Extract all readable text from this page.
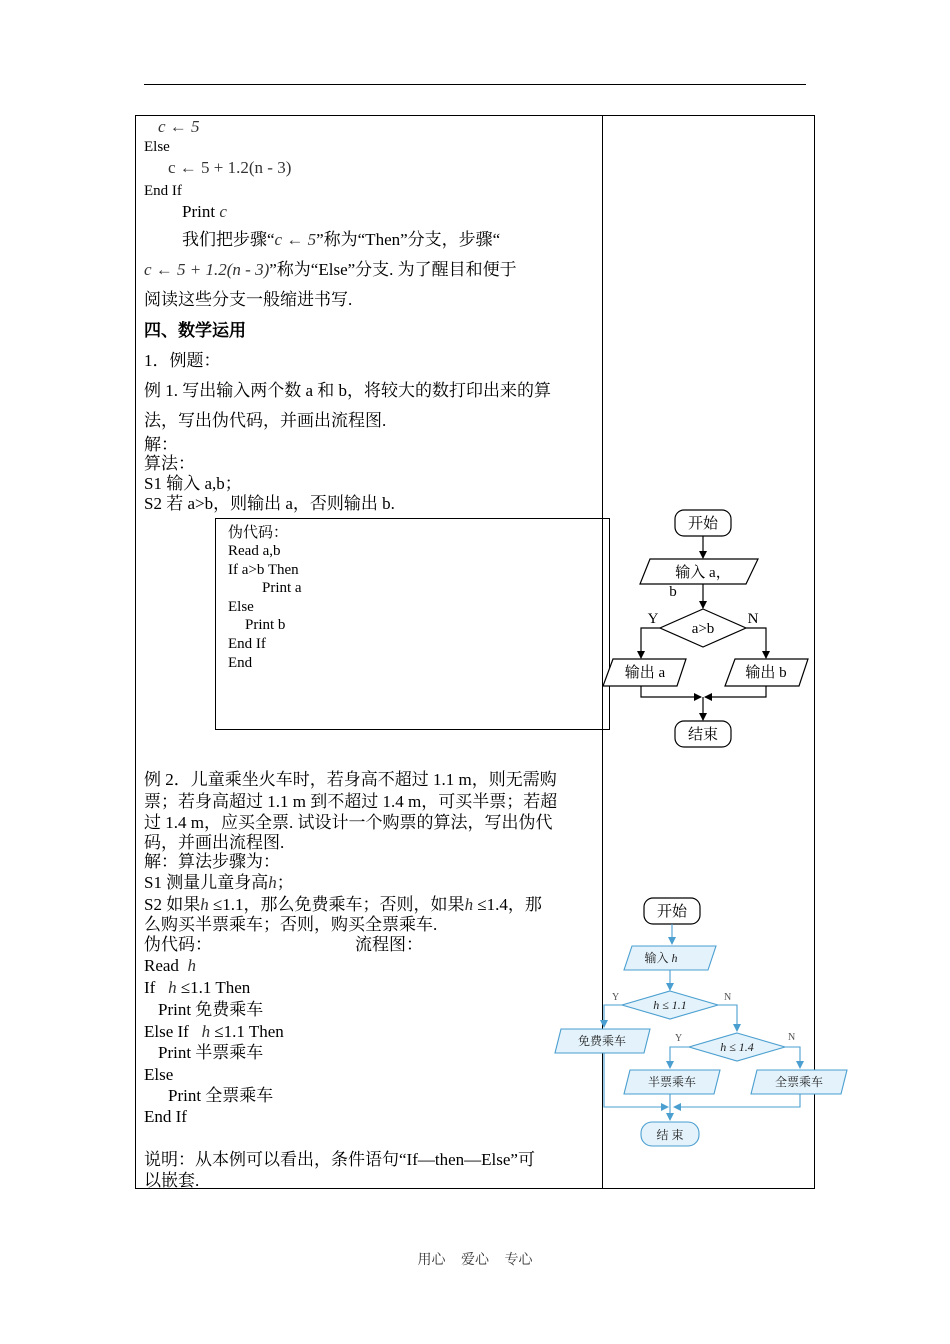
c ← 5
Else
c ← 5 + 1.2(n - 3)
End If
Print c
我们把步骤“c ← 5”称为“Then”分支，步骤“
c ← 5 + 1.2(n - 3)”称为“Else”分支. 为了醒目和便于
阅读这些分支一般缩进书写.
四、数学运用
1．例题：
例 1. 写出输入两个数 a 和 b，将较大的数打印出来的算
法，写出伪代码，并画出流程图.
解：
算法：
S1 输入 a,b；
S2 若 a>b，则输出 a，否则输出 b.
伪代码：
Read a,b
If a>b Then
Print a
Else
Print b
End If
End
开始
输入 a，
b
a>b
Y	N
输出 a	输出 b
结束
开始
输入 h
h ≤ 1.1
h ≤ 1.4
免费乘车
半票乘车	全票乘车
结 束
Y	N
Y	N
例 2．儿童乘坐火车时，若身高不超过 1.1 m，则无需购
票；若身高超过 1.1 m 到不超过 1.4 m，可买半票；若超
过 1.4 m，应买全票. 试设计一个购票的算法，写出伪代
码，并画出流程图.
解：算法步骤为：
S1 测量儿童身高h；
S2 如果h ≤1.1，那么免费乘车；否则，如果h ≤1.4，那
么购买半票乘车；否则，购买全票乘车.
伪代码：	流程图：
Read h
If h ≤1.1 Then
Print 免费乘车
Else If h ≤1.1 Then
Print 半票乘车
Else
Print 全票乘车
End If
说明：从本例可以看出，条件语句“If—then—Else”可
以嵌套.
用心 爱心 专心
